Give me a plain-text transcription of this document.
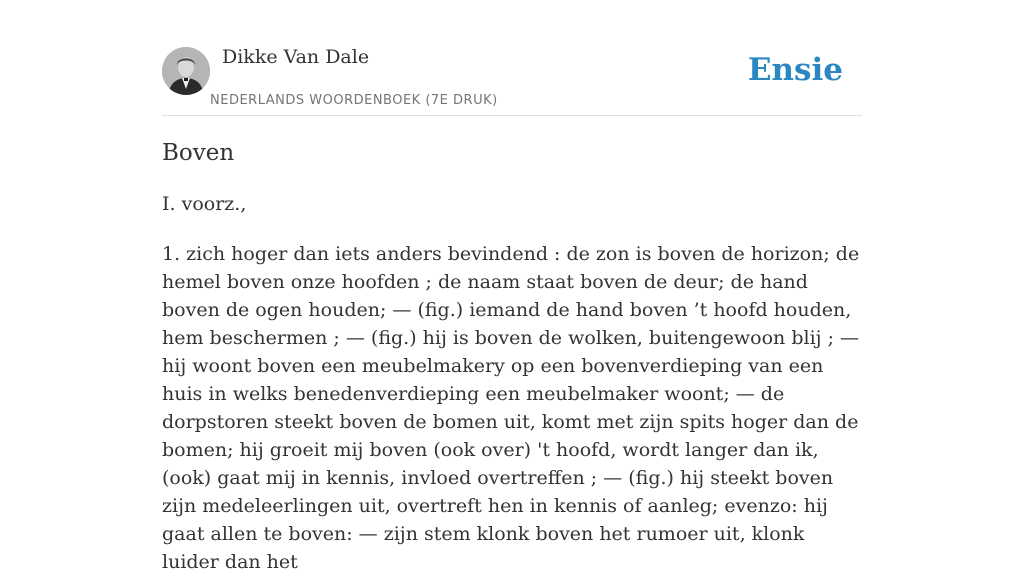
Dikke Van Dale
NEDERLANDS WOORDENBOEK (7E DRUK)
Ensie
Boven

I. voorz.,

1. zich hoger dan iets anders bevindend : de zon is boven de horizon; de hemel boven onze hoofden ; de naam staat boven de deur; de hand boven de ogen houden; — (fig.) iemand de hand boven ’t hoofd houden, hem beschermen ; — (fig.) hij is boven de wolken, buitengewoon blij ; — hij woont boven een meubelmakery op een bovenverdieping van een huis in welks benedenverdieping een meubelmaker woont; — de dorpstoren steekt boven de bomen uit, komt met zijn spits hoger dan de bomen; hij groeit mij boven (ook over) 't hoofd, wordt langer dan ik, (ook) gaat mij in kennis, invloed overtreffen ; — (fig.) hij steekt boven zijn medeleerlingen uit, overtreft hen in kennis of aanleg; evenzo: hij gaat allen te boven: — zijn stem klonk boven het rumoer uit, klonk luider dan het
